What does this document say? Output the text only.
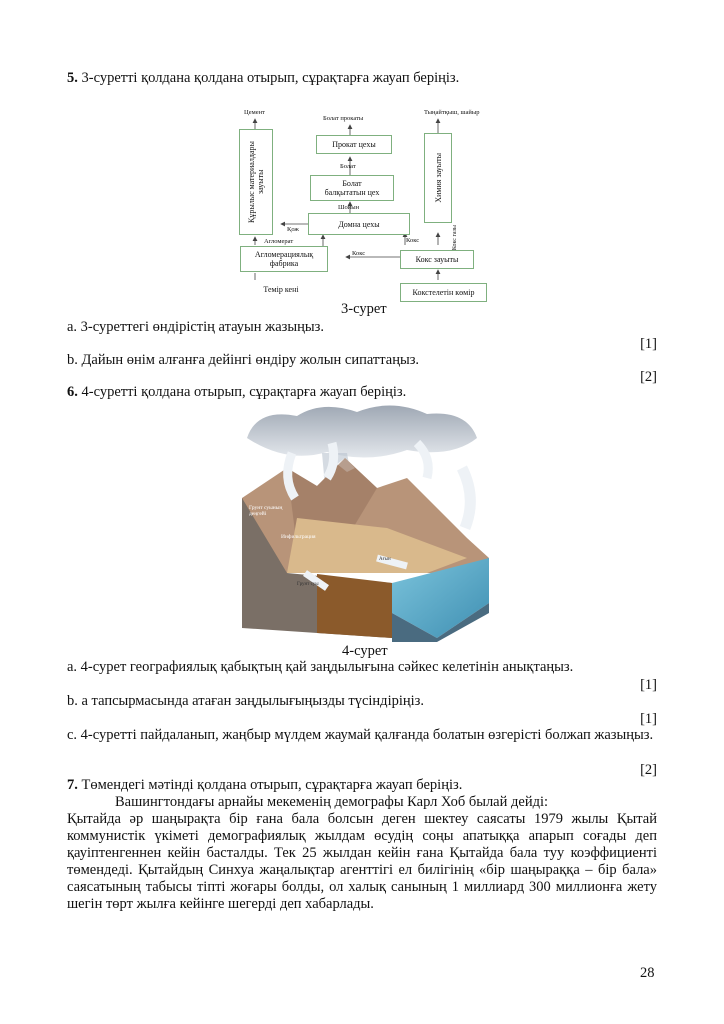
5. 3-суретті қолдана қолдана отырып, сұрақтарға жауап беріңіз.
Цемент
Болат прокаты
Тыңайтқыш, шайыр
Құрылыс материалдары зауыты
Прокат цехы
Болат
Болат
балқытатын цех
Шойын
Домна цехы
Қож
Агломерат
Химия зауыты
Кокс
Кокс
Кокс газы
Агломерациялық
фабрика	Кокс зауыты
Темір кені	Кокстелетін көмір
3-сурет
a. 3-суреттегі өндірістің атауын жазыңыз.
[1]
b. Дайын өнім алғанға дейінгі өндіру жолын сипаттаңыз.
[2]
6. 4-суретті қолдана отырып, сұрақтарға жауап беріңіз.
Грунт суының деңгейі
Инфильтрация
Грунт суы
Ағын
4-сурет
a. 4-сурет географиялық қабықтың қай заңдылығына сәйкес келетінін анықтаңыз.
[1]
b. а тапсырмасында атаған заңдылығыңызды түсіндіріңіз.
[1]
c. 4-суретті пайдаланып, жаңбыр мүлдем жаумай қалғанда болатын өзгерісті болжап жазыңыз.
[2]
7. Төмендегі мәтінді қолдана отырып, сұрақтарға жауап беріңіз.
Вашингтондағы арнайы мекеменің демографы Карл Хоб былай дейді:
Қытайда әр шаңырақта бір ғана бала болсын деген шектеу саясаты 1979 жылы Қытай коммунистік үкіметі демографиялық жылдам өсудің соңы апатыққа апарып соғады деп қауіптенгеннен кейін басталды. Тек 25 жылдан кейін ғана Қытайда бала туу коэффициенті төмендеді. Қытайдың Синхуа жаңалықтар агенттігі ел билігінің «бір шаңыраққа – бір бала» саясатының табысы тіпті жоғары болды, ол халық санының 1 миллиард 300 миллионға жету шегін төрт жылға кейінге шегерді деп хабарлады.
28
